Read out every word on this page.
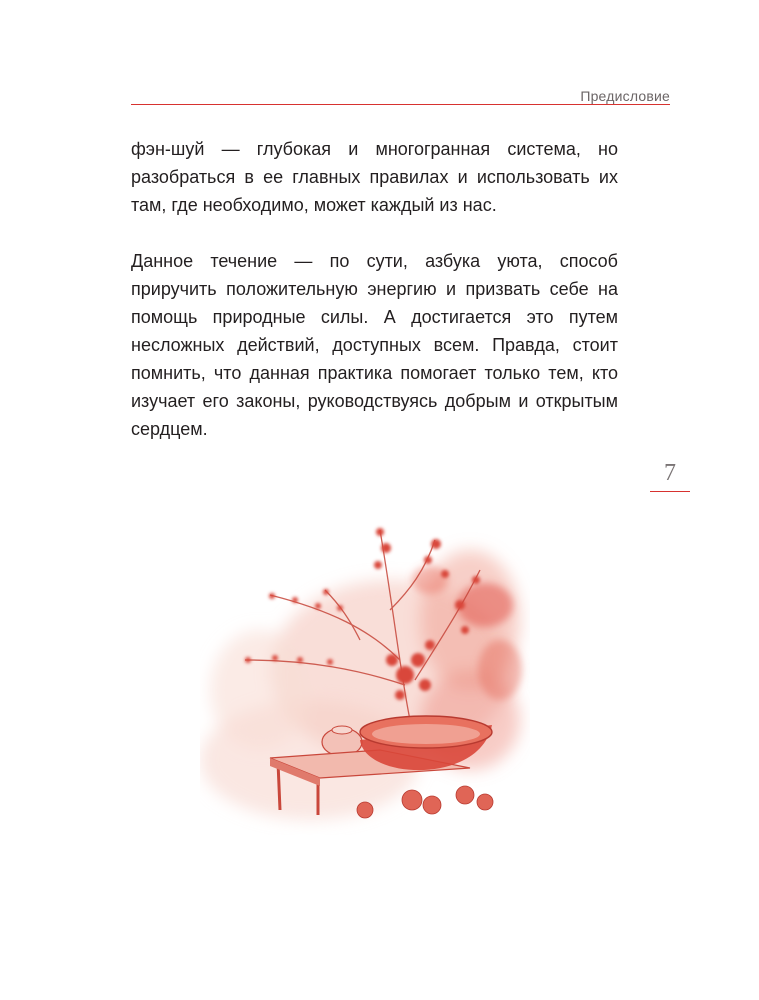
Предисловие

фэн-шуй — глубокая и многогранная система, но разобраться в ее главных правилах и использовать их там, где необходимо, может каждый из нас.

Данное течение — по сути, азбука уюта, способ приручить положительную энергию и призвать себе на помощь природные силы. А достигается это путем несложных действий, доступных всем. Правда, стоит помнить, что данная практика помогает только тем, кто изучает его законы, руководствуясь добрым и открытым сердцем.

7
